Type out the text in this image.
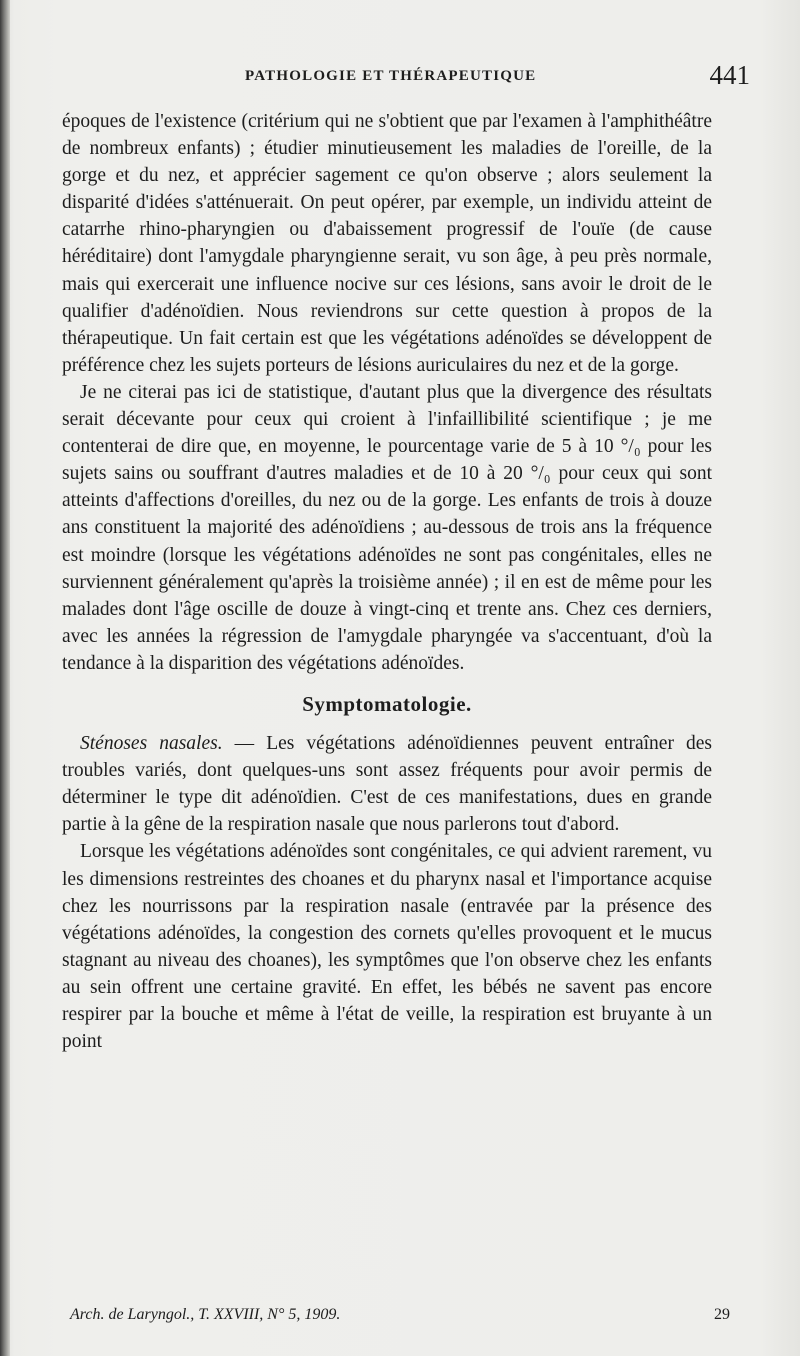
PATHOLOGIE ET THÉRAPEUTIQUE	441

époques de l'existence (critérium qui ne s'obtient que par l'examen à l'amphithéâtre de nombreux enfants) ; étudier minutieusement les maladies de l'oreille, de la gorge et du nez, et apprécier sagement ce qu'on observe ; alors seulement la disparité d'idées s'atténuerait. On peut opérer, par exemple, un individu atteint de catarrhe rhino-pharyngien ou d'abaissement progressif de l'ouïe (de cause héréditaire) dont l'amygdale pharyngienne serait, vu son âge, à peu près normale, mais qui exercerait une influence nocive sur ces lésions, sans avoir le droit de le qualifier d'adénoïdien. Nous reviendrons sur cette question à propos de la thérapeutique. Un fait certain est que les végétations adénoïdes se développent de préférence chez les sujets porteurs de lésions auriculaires du nez et de la gorge.

Je ne citerai pas ici de statistique, d'autant plus que la divergence des résultats serait décevante pour ceux qui croient à l'infaillibilité scientifique ; je me contenterai de dire que, en moyenne, le pourcentage varie de 5 à 10 °/₀ pour les sujets sains ou souffrant d'autres maladies et de 10 à 20 °/₀ pour ceux qui sont atteints d'affections d'oreilles, du nez ou de la gorge. Les enfants de trois à douze ans constituent la majorité des adénoïdiens ; au-dessous de trois ans la fréquence est moindre (lorsque les végétations adénoïdes ne sont pas congénitales, elles ne surviennent généralement qu'après la troisième année) ; il en est de même pour les malades dont l'âge oscille de douze à vingt-cinq et trente ans. Chez ces derniers, avec les années la régression de l'amygdale pharyngée va s'accentuant, d'où la tendance à la disparition des végétations adénoïdes.

Symptomatologie.

Sténoses nasales. — Les végétations adénoïdiennes peuvent entraîner des troubles variés, dont quelques-uns sont assez fréquents pour avoir permis de déterminer le type dit adénoïdien. C'est de ces manifestations, dues en grande partie à la gêne de la respiration nasale que nous parlerons tout d'abord.

Lorsque les végétations adénoïdes sont congénitales, ce qui advient rarement, vu les dimensions restreintes des choanes et du pharynx nasal et l'importance acquise chez les nourrissons par la respiration nasale (entravée par la présence des végétations adénoïdes, la congestion des cornets qu'elles provoquent et le mucus stagnant au niveau des choanes), les symptômes que l'on observe chez les enfants au sein offrent une certaine gravité. En effet, les bébés ne savent pas encore respirer par la bouche et même à l'état de veille, la respiration est bruyante à un point

Arch. de Laryngol., T. XXVIII, N° 5, 1909.	29
